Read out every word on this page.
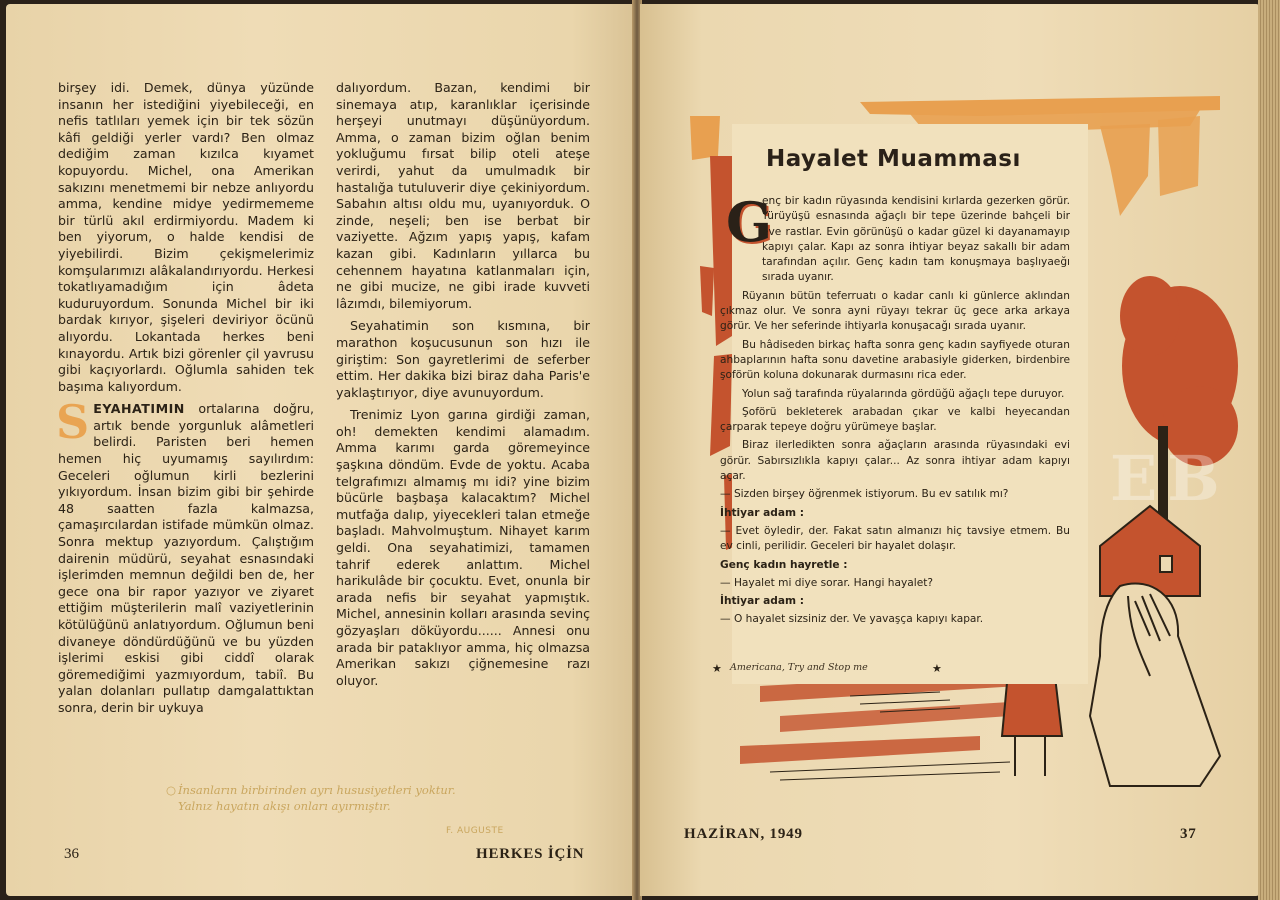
birşey idi. Demek, dünya yüzünde insanın her istediğini yiyebileceği, en nefis tatlıları yemek için bir tek sözün kâfi geldiği yerler vardı? Ben olmaz dediğim zaman kızılca kıyamet kopuyordu. Michel, ona Amerikan sakızını menetmemi bir nebze anlıyordu amma, kendine midye yedirmememe bir türlü akıl erdirmiyordu. Madem ki ben yiyorum, o halde kendisi de yiyebilirdi. Bizim çekişmelerimiz komşularımızı alâkalandırıyordu. Herkesi tokatlıyamadığım için âdeta kuduruyordum. Sonunda Michel bir iki bardak kırıyor, şişeleri deviriyor öcünü alıyordu. Lokantada herkes beni kınayordu. Artık bizi görenler çil yavrusu gibi kaçıyorlardı. Oğlumla sahiden tek başıma kalıyordum.

SEYAHATIMIN ortalarına doğru, artık bende yorgunluk alâmetleri belirdi. Paristen beri hemen hemen hiç uyumamış sayılırdım: Geceleri oğlumun kirli bezlerini yıkıyordum. İnsan bizim gibi bir şehirde 48 saatten fazla kalmazsa, çamaşırcılardan istifade mümkün olmaz. Sonra mektup yazıyordum. Çalıştığım dairenin müdürü, seyahat esnasındaki işlerimden memnun değildi ben de, her gece ona bir rapor yazıyor ve ziyaret ettiğim müşterilerin malî vaziyetlerinin kötülüğünü anlatıyordum. Oğlumun beni divaneye döndürdüğünü ve bu yüzden işlerimi eskisi gibi ciddî olarak göremediğimi yazmıyordum, tabiî. Bu yalan dolanları pullatıp damgalattıktan sonra, derin bir uykuya

dalıyordum. Bazan, kendimi bir sinemaya atıp, karanlıklar içerisinde herşeyi unutmayı düşünüyordum. Amma, o zaman bizim oğlan benim yokluğumu fırsat bilip oteli ateşe verirdi, yahut da umulmadık bir hastalığa tutuluverir diye çekiniyordum. Sabahın altısı oldu mu, uyanıyorduk. O zinde, neşeli; ben ise berbat bir vaziyette. Ağzım yapış yapış, kafam kazan gibi. Kadınların yıllarca bu cehennem hayatına katlanmaları için, ne gibi mucize, ne gibi irade kuvveti lâzımdı, bilemiyorum.

Seyahatimin son kısmına, bir marathon koşucusunun son hızı ile giriştim: Son gayretlerimi de seferber ettim. Her dakika bizi biraz daha Paris'e yaklaştırıyor, diye avunuyordum.

Trenimiz Lyon garına girdiği zaman, oh! demekten kendimi alamadım. Amma karımı garda göremeyince şaşkına döndüm. Evde de yoktu. Acaba telgrafımızı almamış mı idi? yine bizim bücürle başbaşa kalacaktım? Michel mutfağa dalıp, yiyecekleri talan etmeğe başladı. Mahvolmuştum. Nihayet karım geldi. Ona seyahatimizi, tamamen tahrif ederek anlattım. Michel harikulâde bir çocuktu. Evet, onunla bir arada nefis bir seyahat yapmıştık. Michel, annesinin kolları arasında sevinç gözyaşları döküyordu...... Annesi onu arada bir pataklıyor amma, hiç olmazsa Amerikan sakızı çiğnemesine razı oluyor.

○ İnsanların birbirinden ayrı hususiyetleri yoktur.
Yalnız hayatın akışı onları ayırmıştır.
F. AUGUSTE
36	HERKES İÇİN
Hayalet Muamması
G

enç bir kadın rüyasında kendisini kırlarda gezerken görür. Yürüyüşü esnasında ağaçlı bir tepe üzerinde bahçeli bir eve rastlar. Evin görünüşü o kadar güzel ki dayanamayıp kapıyı çalar. Kapı az sonra ihtiyar beyaz sakallı bir adam tarafından açılır. Genç kadın tam konuşmaya başlıyaeğı sırada uyanır.

Rüyanın bütün teferruatı o kadar canlı ki günlerce aklından çıkmaz olur. Ve sonra ayni rüyayı tekrar üç gece arka arkaya görür. Ve her seferinde ihtiyarla konuşacağı sırada uyanır.

Bu hâdiseden birkaç hafta sonra genç kadın sayfiyede oturan ahbaplarının hafta sonu davetine arabasiyle giderken, birdenbire şoförün koluna dokunarak durmasını rica eder.

Yolun sağ tarafında rüyalarında gördüğü ağaçlı tepe duruyor.

Şoförü bekleterek arabadan çıkar ve kalbi heyecandan çarparak tepeye doğru yürümeye başlar.

Biraz ilerledikten sonra ağaçların arasında rüyasındaki evi görür. Sabırsızlıkla kapıyı çalar... Az sonra ihtiyar adam kapıyı açar.

— Sizden birşey öğrenmek istiyorum. Bu ev satılık mı?

İhtiyar adam :

— Evet öyledir, der. Fakat satın almanızı hiç tavsiye etmem. Bu ev cinli, perilidir. Geceleri bir hayalet dolaşır.

Genç kadın hayretle :

— Hayalet mi diye sorar. Hangi hayalet?

İhtiyar adam :

— O hayalet sizsiniz der. Ve yavaşça kapıyı kapar.

★ Americana, Try and Stop me	★
EB
HAZİRAN, 1949	37
